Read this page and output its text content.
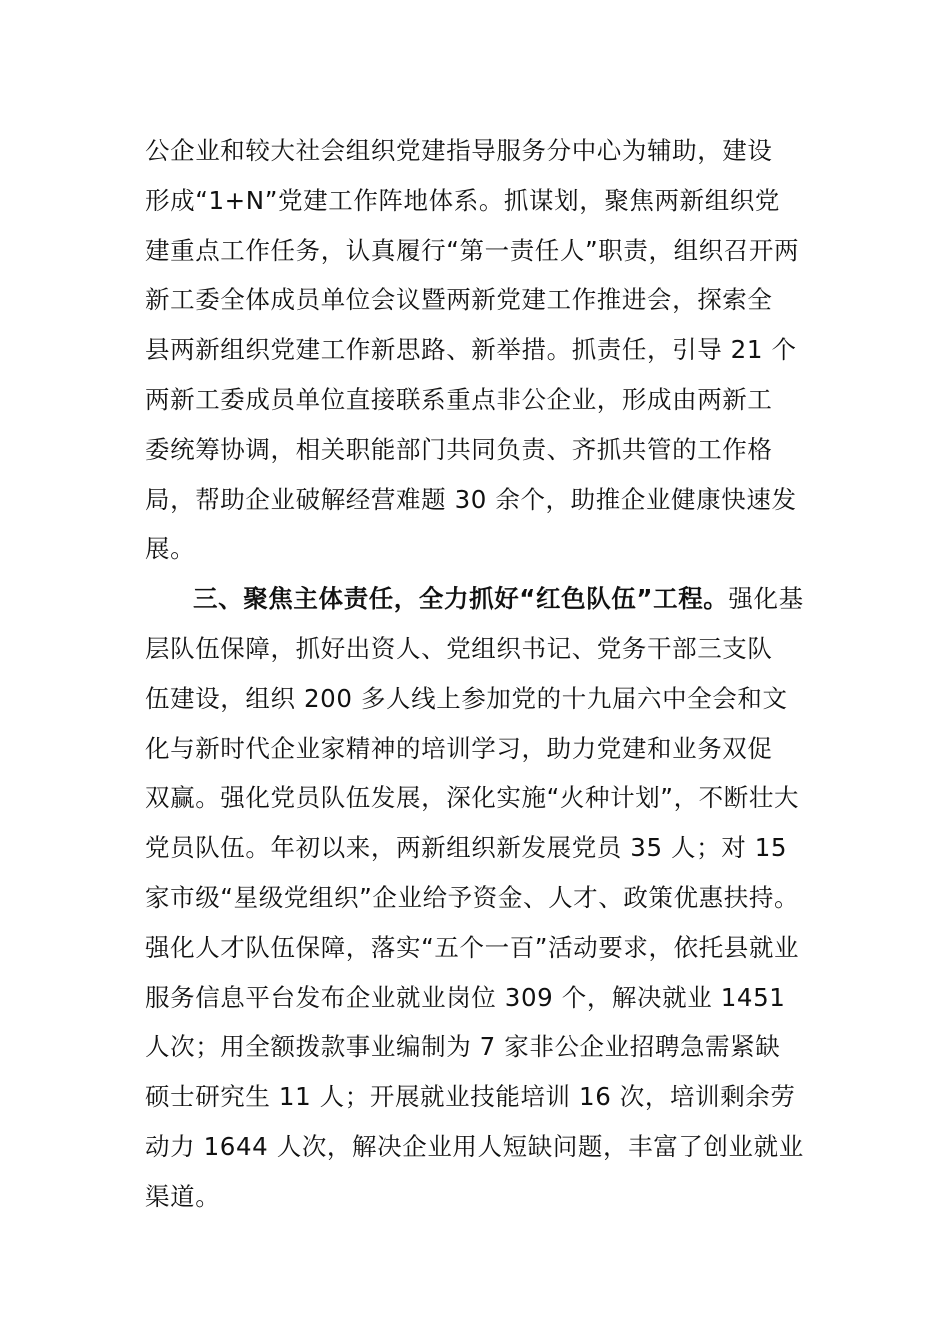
公企业和较大社会组织党建指导服务分中心为辅助，建设
形成“1+N”党建工作阵地体系。抓谋划，聚焦两新组织党
建重点工作任务，认真履行“第一责任人”职责，组织召开两
新工委全体成员单位会议暨两新党建工作推进会，探索全
县两新组织党建工作新思路、新举措。抓责任，引导 21 个
两新工委成员单位直接联系重点非公企业，形成由两新工
委统筹协调，相关职能部门共同负责、齐抓共管的工作格
局，帮助企业破解经营难题 30 余个，助推企业健康快速发
展。
三、聚焦主体责任，全力抓好“红色队伍”工程。强化基
层队伍保障，抓好出资人、党组织书记、党务干部三支队
伍建设，组织 200 多人线上参加党的十九届六中全会和文
化与新时代企业家精神的培训学习，助力党建和业务双促
双赢。强化党员队伍发展，深化实施“火种计划”，不断壮大
党员队伍。年初以来，两新组织新发展党员 35 人；对 15
家市级“星级党组织”企业给予资金、人才、政策优惠扶持。
强化人才队伍保障，落实“五个一百”活动要求，依托县就业
服务信息平台发布企业就业岗位 309 个，解决就业 1451
人次；用全额拨款事业编制为 7 家非公企业招聘急需紧缺
硕士研究生 11 人；开展就业技能培训 16 次，培训剩余劳
动力 1644 人次，解决企业用人短缺问题，丰富了创业就业
渠道。
